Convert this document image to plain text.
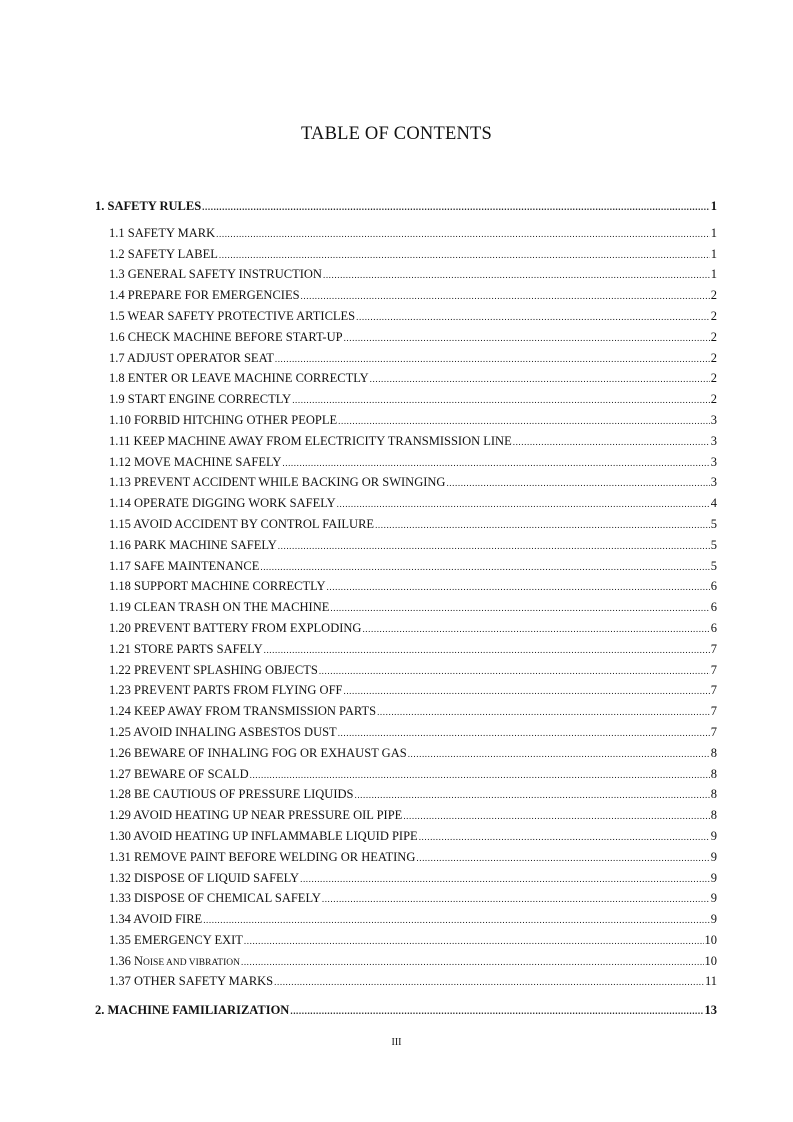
TABLE OF CONTENTS
1. SAFETY RULES .....	1
1.1 SAFETY MARK .....	1
1.2 SAFETY LABEL .....	1
1.3 GENERAL SAFETY INSTRUCTION .....	1
1.4 PREPARE FOR EMERGENCIES .....	2
1.5 WEAR SAFETY PROTECTIVE ARTICLES .....	2
1.6 CHECK MACHINE BEFORE START-UP .....	2
1.7 ADJUST OPERATOR SEAT .....	2
1.8 ENTER OR LEAVE MACHINE CORRECTLY .....	2
1.9 START ENGINE CORRECTLY .....	2
1.10 FORBID HITCHING OTHER PEOPLE .....	3
1.11 KEEP MACHINE AWAY FROM ELECTRICITY TRANSMISSION LINE .....	3
1.12 MOVE MACHINE SAFELY .....	3
1.13 PREVENT ACCIDENT WHILE BACKING OR SWINGING .....	3
1.14 OPERATE DIGGING WORK SAFELY .....	4
1.15 AVOID ACCIDENT BY CONTROL FAILURE .....	5
1.16 PARK MACHINE SAFELY .....	5
1.17 SAFE MAINTENANCE .....	5
1.18 SUPPORT MACHINE CORRECTLY .....	6
1.19 CLEAN TRASH ON THE MACHINE .....	6
1.20 PREVENT BATTERY FROM EXPLODING .....	6
1.21 STORE PARTS SAFELY .....	7
1.22 PREVENT SPLASHING OBJECTS .....	7
1.23 PREVENT PARTS FROM FLYING OFF .....	7
1.24 KEEP AWAY FROM TRANSMISSION PARTS .....	7
1.25 AVOID INHALING ASBESTOS DUST .....	7
1.26 BEWARE OF INHALING FOG OR EXHAUST GAS .....	8
1.27 BEWARE OF SCALD .....	8
1.28 BE CAUTIOUS OF PRESSURE LIQUIDS .....	8
1.29 AVOID HEATING UP NEAR PRESSURE OIL PIPE .....	8
1.30 AVOID HEATING UP INFLAMMABLE LIQUID PIPE .....	9
1.31 REMOVE PAINT BEFORE WELDING OR HEATING .....	9
1.32 DISPOSE OF LIQUID SAFELY .....	9
1.33 DISPOSE OF CHEMICAL SAFELY .....	9
1.34 AVOID FIRE .....	9
1.35 EMERGENCY EXIT .....	10
1.36 NOISE AND VIBRATION .....	10
1.37 OTHER SAFETY MARKS .....	11
2. MACHINE FAMILIARIZATION .....	13
III
